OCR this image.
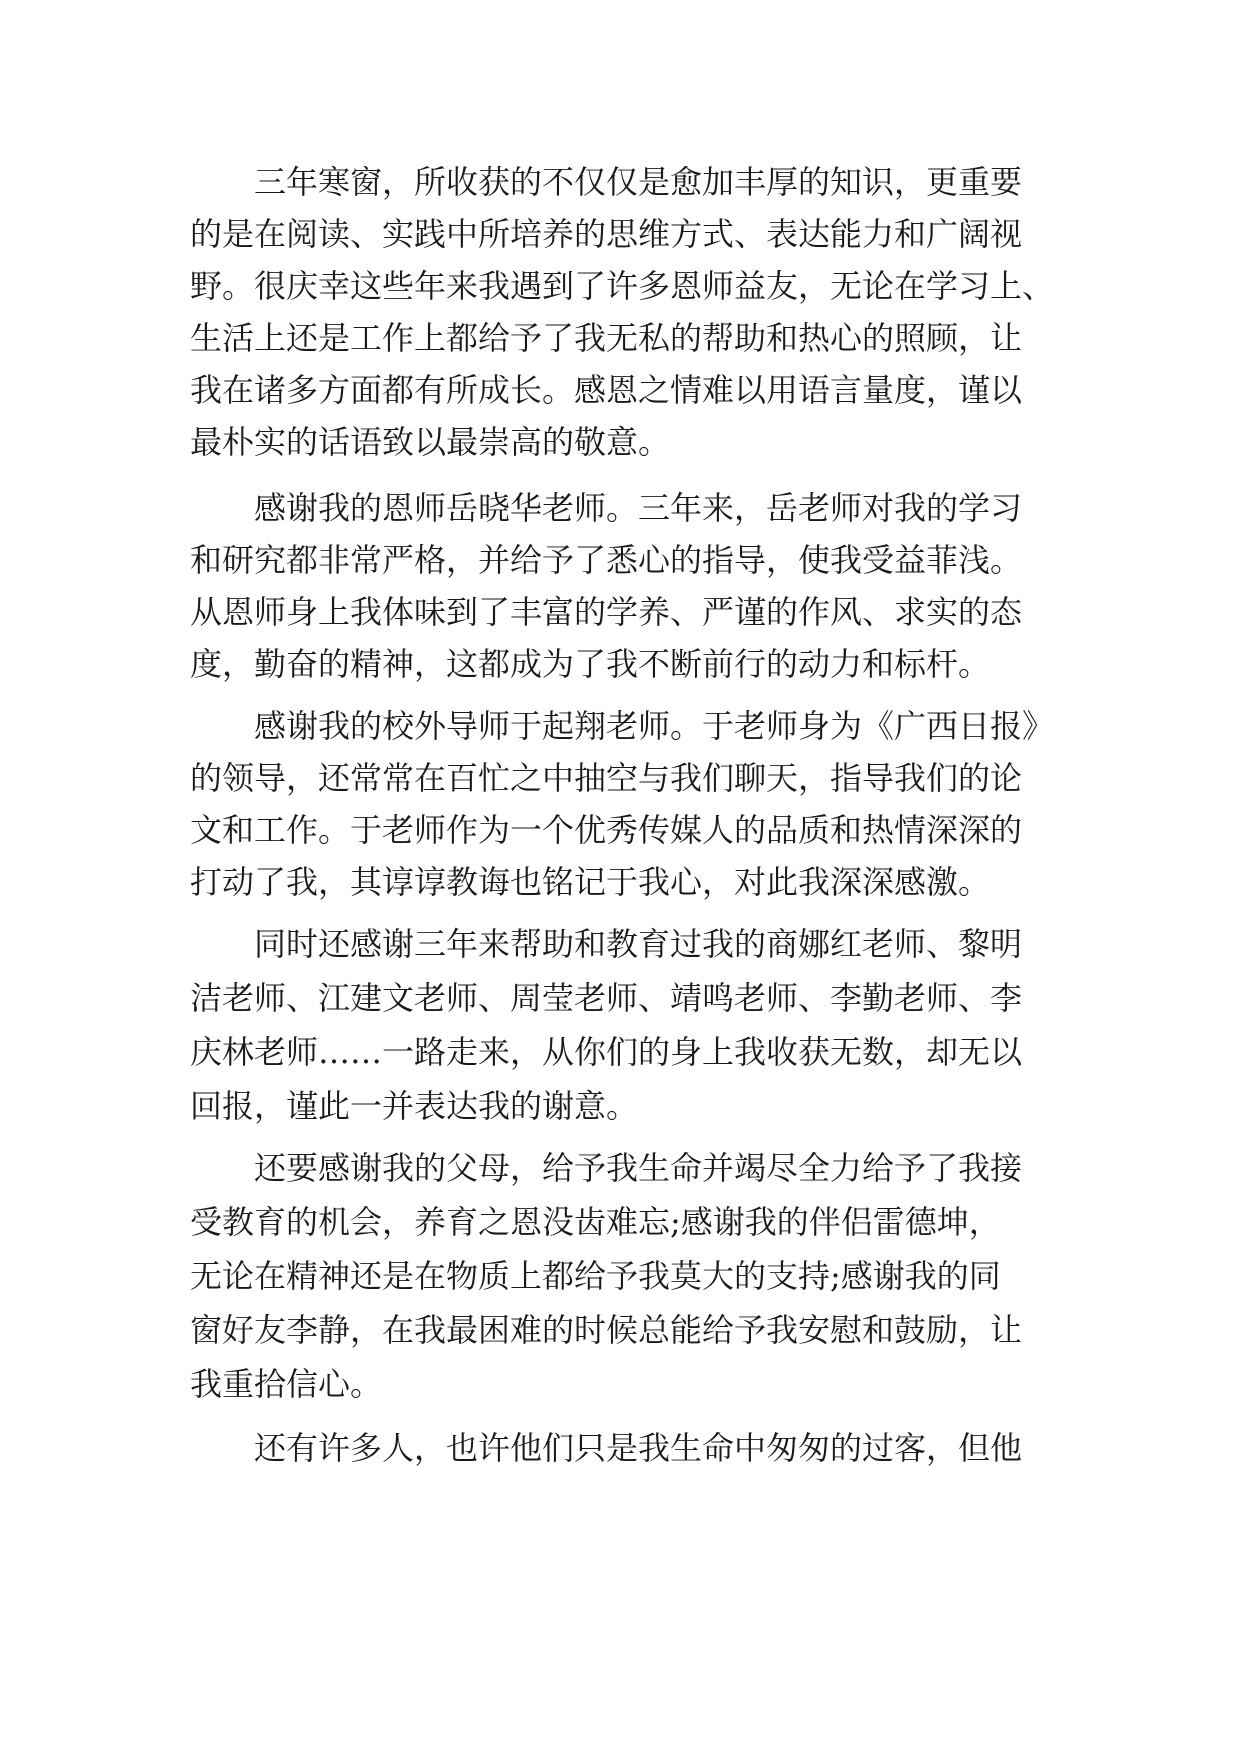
三年寒窗，所收获的不仅仅是愈加丰厚的知识，更重要
的是在阅读、实践中所培养的思维方式、表达能力和广阔视
野。很庆幸这些年来我遇到了许多恩师益友，无论在学习上、
生活上还是工作上都给予了我无私的帮助和热心的照顾，让
我在诸多方面都有所成长。感恩之情难以用语言量度，谨以
最朴实的话语致以最崇高的敬意。
感谢我的恩师岳晓华老师。三年来，岳老师对我的学习
和研究都非常严格，并给予了悉心的指导，使我受益菲浅。
从恩师身上我体味到了丰富的学养、严谨的作风、求实的态
度，勤奋的精神，这都成为了我不断前行的动力和标杆。
感谢我的校外导师于起翔老师。于老师身为《广西日报》
的领导，还常常在百忙之中抽空与我们聊天，指导我们的论
文和工作。于老师作为一个优秀传媒人的品质和热情深深的
打动了我，其谆谆教诲也铭记于我心，对此我深深感激。
同时还感谢三年来帮助和教育过我的商娜红老师、黎明
洁老师、江建文老师、周莹老师、靖鸣老师、李勤老师、李
庆林老师……一路走来，从你们的身上我收获无数，却无以
回报，谨此一并表达我的谢意。
还要感谢我的父母，给予我生命并竭尽全力给予了我接
受教育的机会，养育之恩没齿难忘;感谢我的伴侣雷德坤，
无论在精神还是在物质上都给予我莫大的支持;感谢我的同
窗好友李静，在我最困难的时候总能给予我安慰和鼓励，让
我重拾信心。
还有许多人，也许他们只是我生命中匆匆的过客，但他
